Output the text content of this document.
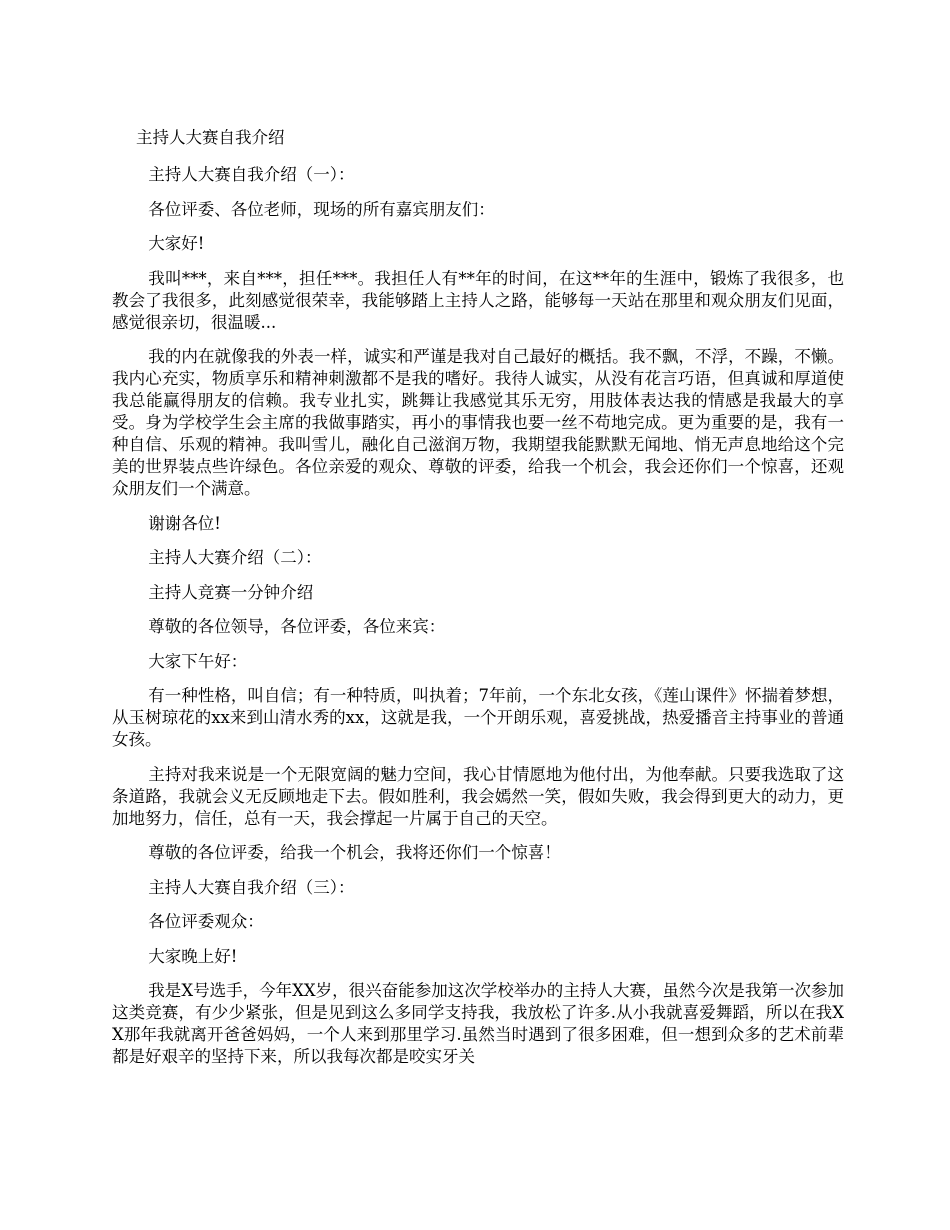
主持人大赛自我介绍

主持人大赛自我介绍（一）：

各位评委、各位老师，现场的所有嘉宾朋友们：

大家好!

我叫***，来自***，担任***。我担任人有**年的时间，在这**年的生涯中，锻炼了我很多，也教会了我很多，此刻感觉很荣幸，我能够踏上主持人之路，能够每一天站在那里和观众朋友们见面，感觉很亲切，很温暖...

我的内在就像我的外表一样，诚实和严谨是我对自己最好的概括。我不飘，不浮，不躁，不懒。我内心充实，物质享乐和精神刺激都不是我的嗜好。我待人诚实，从没有花言巧语，但真诚和厚道使我总能赢得朋友的信赖。我专业扎实，跳舞让我感觉其乐无穷，用肢体表达我的情感是我最大的享受。身为学校学生会主席的我做事踏实，再小的事情我也要一丝不苟地完成。更为重要的是，我有一种自信、乐观的精神。我叫雪儿，融化自己滋润万物，我期望我能默默无闻地、悄无声息地给这个完美的世界装点些许绿色。各位亲爱的观众、尊敬的评委，给我一个机会，我会还你们一个惊喜，还观众朋友们一个满意。

谢谢各位!

主持人大赛介绍（二）：

主持人竞赛一分钟介绍

尊敬的各位领导，各位评委，各位来宾：

大家下午好：

有一种性格，叫自信；有一种特质，叫执着；7年前，一个东北女孩，《莲山课件》怀揣着梦想，从玉树琼花的xx来到山清水秀的xx，这就是我，一个开朗乐观，喜爱挑战，热爱播音主持事业的普通女孩。

主持对我来说是一个无限宽阔的魅力空间，我心甘情愿地为他付出，为他奉献。只要我选取了这条道路，我就会义无反顾地走下去。假如胜利，我会嫣然一笑，假如失败，我会得到更大的动力，更加地努力，信任，总有一天，我会撑起一片属于自己的天空。

尊敬的各位评委，给我一个机会，我将还你们一个惊喜！

主持人大赛自我介绍（三）：

各位评委观众：

大家晚上好!

我是X号选手，今年XX岁，很兴奋能参加这次学校举办的主持人大赛，虽然今次是我第一次参加这类竞赛，有少少紧张，但是见到这么多同学支持我，我放松了许多.从小我就喜爱舞蹈，所以在我XX那年我就离开爸爸妈妈，一个人来到那里学习.虽然当时遇到了很多困难，但一想到众多的艺术前辈都是好艰辛的坚持下来，所以我每次都是咬实牙关
